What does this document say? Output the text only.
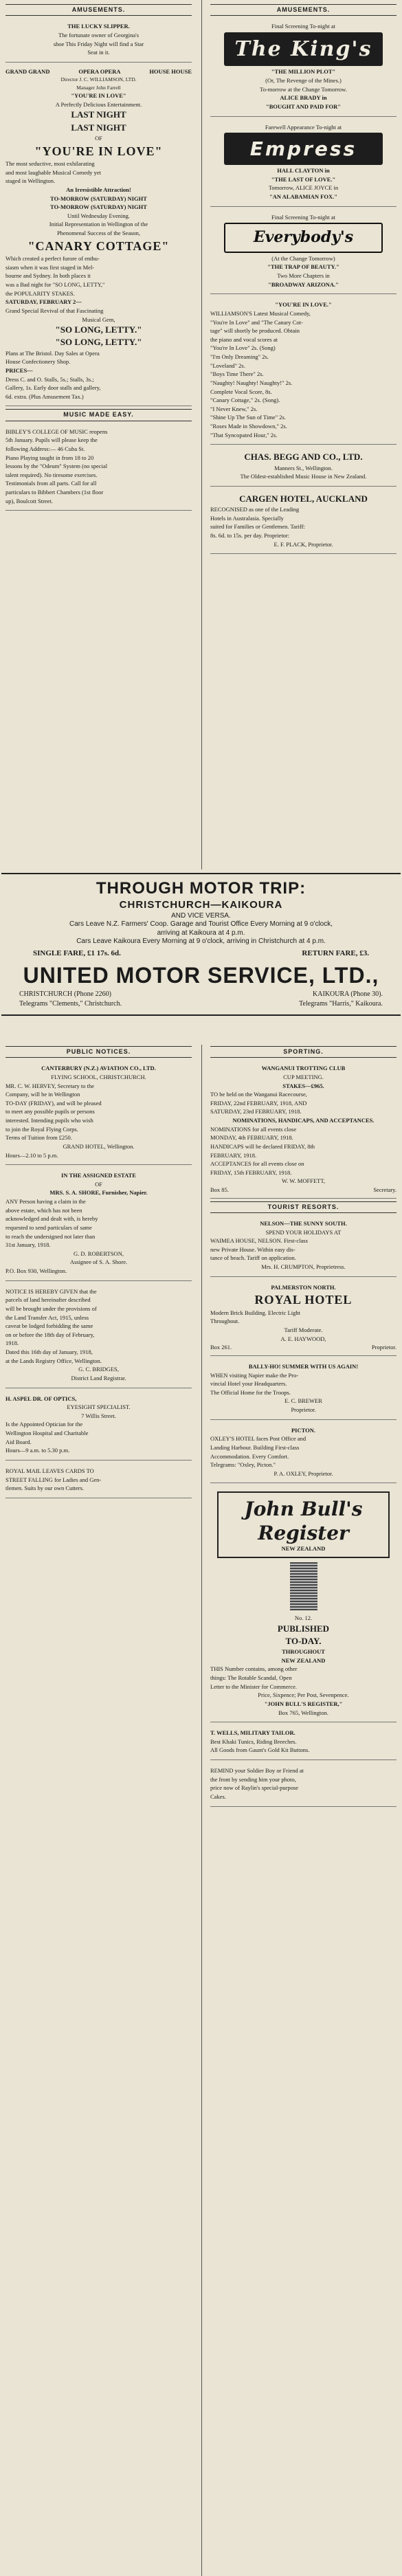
AMUSEMENTS.

THE LUCKY SLIPPER.

The fortunate owner of Georgina's

shoe This Friday Night will find a Star

Seat in it.

GRAND GRAND	OPERA OPERA	HOUSE HOUSE

Director J. C. WILLIAMSON, LTD.

Manager John Farrell

"YOU'RE IN LOVE"

A Perfectly Delicious Entertainment.

LAST NIGHT

LAST NIGHT

OF

"YOU'RE IN LOVE"

The most seductive, most exhilarating

and most laughable Musical Comedy yet

staged in Wellington.

An Irresistible Attraction!

TO-MORROW (SATURDAY) NIGHT

TO-MORROW (SATURDAY) NIGHT

Until Wednesday Evening.

Initial Representation in Wellington of the

Phenomenal Success of the Season,

"CANARY COTTAGE"

Which created a perfect furore of enthu-

siasm when it was first staged in Mel-

bourne and Sydney. In both places it

was a Bad night for "SO LONG, LETTY,"

the POPULARITY STAKES.

SATURDAY, FEBRUARY 2—

Grand Special Revival of that Fascinating

Musical Gem,

"SO LONG, LETTY."

"SO LONG, LETTY."

Plans at The Bristol. Day Sales at Opera

House Confectionery Shop.

PRICES—

Dress C. and O. Stalls, 5s.; Stalls, 3s.;

Gallery, 1s. Early door stalls and gallery,

6d. extra. (Plus Amusement Tax.)

MUSIC MADE EASY.

BIBLEY'S COLLEGE OF MUSIC reopens

5th January. Pupils will please keep the

following Address:— 46 Cuba St.

Piano Playing taught in from 18 to 20

lessons by the "Odeum" System (no special

talent required). No tiresome exercises.

Testimonials from all parts. Call for all

particulars to Bibbert Chambers (1st floor

up), Boulcott Street.

AMUSEMENTS.

Final Screening To-night at

The King's

"THE MILLION PLOT"

(Or, The Revenge of the Mines.)

To-morrow at the Change Tomorrow.

ALICE BRADY in

"BOUGHT AND PAID FOR"

Farewell Appearance To-night at

Empress

HALL CLAYTON in

"THE LAST OF LOVE."

Tomorrow, ALICE JOYCE in

"AN ALABAMIAN FOX."

Final Screening To-night at

Everybody's

(At the Change Tomorrow)

"THE TRAP OF BEAUTY."

Two More Chapters in

"BROADWAY ARIZONA."

"YOU'RE IN LOVE."

WILLIAMSON'S Latest Musical Comedy,

"You're In Love" and "The Canary Cot-

tage" will shortly be produced. Obtain

the piano and vocal scores at

"You're In Love" 2s. (Song)

"I'm Only Dreaming" 2s.

"Loveland" 2s.

"Boys Time There" 2s.

"Naughty! Naughty! Naughty!" 2s.

Complete Vocal Score, 8s.

"Canary Cottage," 2s. (Song).

"I Never Knew," 2s.

"Shine Up The Sun of Time" 2s.

"Roses Made in Showdown," 2s.

"That Syncopated Hour," 2s.

CHAS. BEGG AND CO., LTD.

Manners St., Wellington.

The Oldest-established Music House in New Zealand.

CARGEN HOTEL, AUCKLAND

RECOGNISED as one of the Leading

Hotels in Australasia. Specially

suited for Families or Gentlemen. Tariff:

8s. 6d. to 15s. per day. Proprietor:

E. F. PLACK, Proprietor.

THROUGH MOTOR TRIP:
CHRISTCHURCH—KAIKOURA
AND VICE VERSA.
Cars Leave N.Z. Farmers' Coop. Garage and Tourist Office Every Morning at 9 o'clock,
arriving at Kaikoura at 4 p.m.
Cars Leave Kaikoura Every Morning at 9 o'clock, arriving in Christchurch at 4 p.m.
SINGLE FARE, £1 17s. 6d.	RETURN FARE, £3.
UNITED MOTOR SERVICE, LTD.,
CHRISTCHURCH (Phone 2260)	KAIKOURA (Phone 30).
Telegrams "Clements," Christchurch.	Telegrams "Harris," Kaikoura.
PUBLIC NOTICES.

CANTERBURY (N.Z.) AVIATION CO., LTD.

FLYING SCHOOL, CHRISTCHURCH.

MR. C. W. HERVEY, Secretary to the

Company, will be in Wellington

TO-DAY (FRIDAY), and will be pleased

to meet any possible pupils or persons

interested. Intending pupils who wish

to join the Royal Flying Corps.

Terms of Tuition from £250.

GRAND HOTEL, Wellington.

Hours—2.10 to 5 p.m.

IN THE ASSIGNED ESTATE

OF

MRS. S. A. SHORE, Furnisher, Napier.

ANY Person having a claim in the

above estate, which has not been

acknowledged and dealt with, is hereby

requested to send particulars of same

to reach the undersigned not later than

31st January, 1918.

G. D. ROBERTSON,

Assignee of S. A. Shore.

P.O. Box 930, Wellington.

NOTICE IS HEREBY GIVEN that the

parcels of land hereinafter described

will be brought under the provisions of

the Land Transfer Act, 1915, unless

caveat be lodged forbidding the same

on or before the 18th day of February,

1918.

Dated this 16th day of January, 1918,

at the Lands Registry Office, Wellington.

G. C. BRIDGES,

District Land Registrar.

H. ASPEL DR. OF OPTICS,

EYESIGHT SPECIALIST.

7 Willis Street.

Is the Appointed Optician for the

Wellington Hospital and Charitable

Aid Board.

Hours—9 a.m. to 5.30 p.m.

ROYAL MAIL LEAVES CARDS TO

STREET FALLING for Ladies and Gen-

tlemen. Suits by our own Cutters.

SPORTING.

WANGANUI TROTTING CLUB

CUP MEETING.

STAKES—£965.

TO be held on the Wanganui Racecourse,

FRIDAY, 22nd FEBRUARY, 1918, AND

SATURDAY, 23rd FEBRUARY, 1918.

NOMINATIONS, HANDICAPS, AND ACCEPTANCES.

NOMINATIONS for all events close

MONDAY, 4th FEBRUARY, 1918.

HANDICAPS will be declared FRIDAY, 8th

FEBRUARY, 1918.

ACCEPTANCES for all events close on

FRIDAY, 15th FEBRUARY, 1918.

W. W. MOFFETT,

Box 85.	Secretary.
TOURIST RESORTS.

NELSON—THE SUNNY SOUTH.

SPEND YOUR HOLIDAYS AT

WAIMEA HOUSE, NELSON. First-class

new Private House. Within easy dis-

tance of beach. Tariff on application.

Mrs. H. CRUMPTON, Proprietress.

PALMERSTON NORTH.

ROYAL HOTEL

Modern Brick Building. Electric Light

Throughout.

Tariff Moderate.

A. E. HAYWOOD,

Box 261.	Proprietor.

BALLY-HO! SUMMER WITH US AGAIN!

WHEN visiting Napier make the Pro-

vincial Hotel your Headquarters.

The Official Home for the Troops.

E. C. BREWER

Proprietor.

PICTON.

OXLEY'S HOTEL faces Post Office and

Landing Harbour. Building First-class

Accommodation. Every Comfort.

Telegrams: "Oxley, Picton."

P. A. OXLEY, Proprietor.

John Bull's Register
NEW ZEALAND

No. 12.

PUBLISHED

TO-DAY.

THROUGHOUT

NEW ZEALAND

THIS Number contains, among other

things: The Rotable Scandal, Open

Letter to the Minister for Commerce.

Price, Sixpence; Per Post, Sevenpence.

"JOHN BULL'S REGISTER,"

Box 765, Wellington.

T. WELLS, MILITARY TAILOR.

Best Khaki Tunics, Riding Breeches.

All Goods from Gaunt's Gold Kit Buttons.

REMIND your Soldier Boy or Friend at

the front by sending him your photo,

price now of Raylin's special-purpose

Cakes.
